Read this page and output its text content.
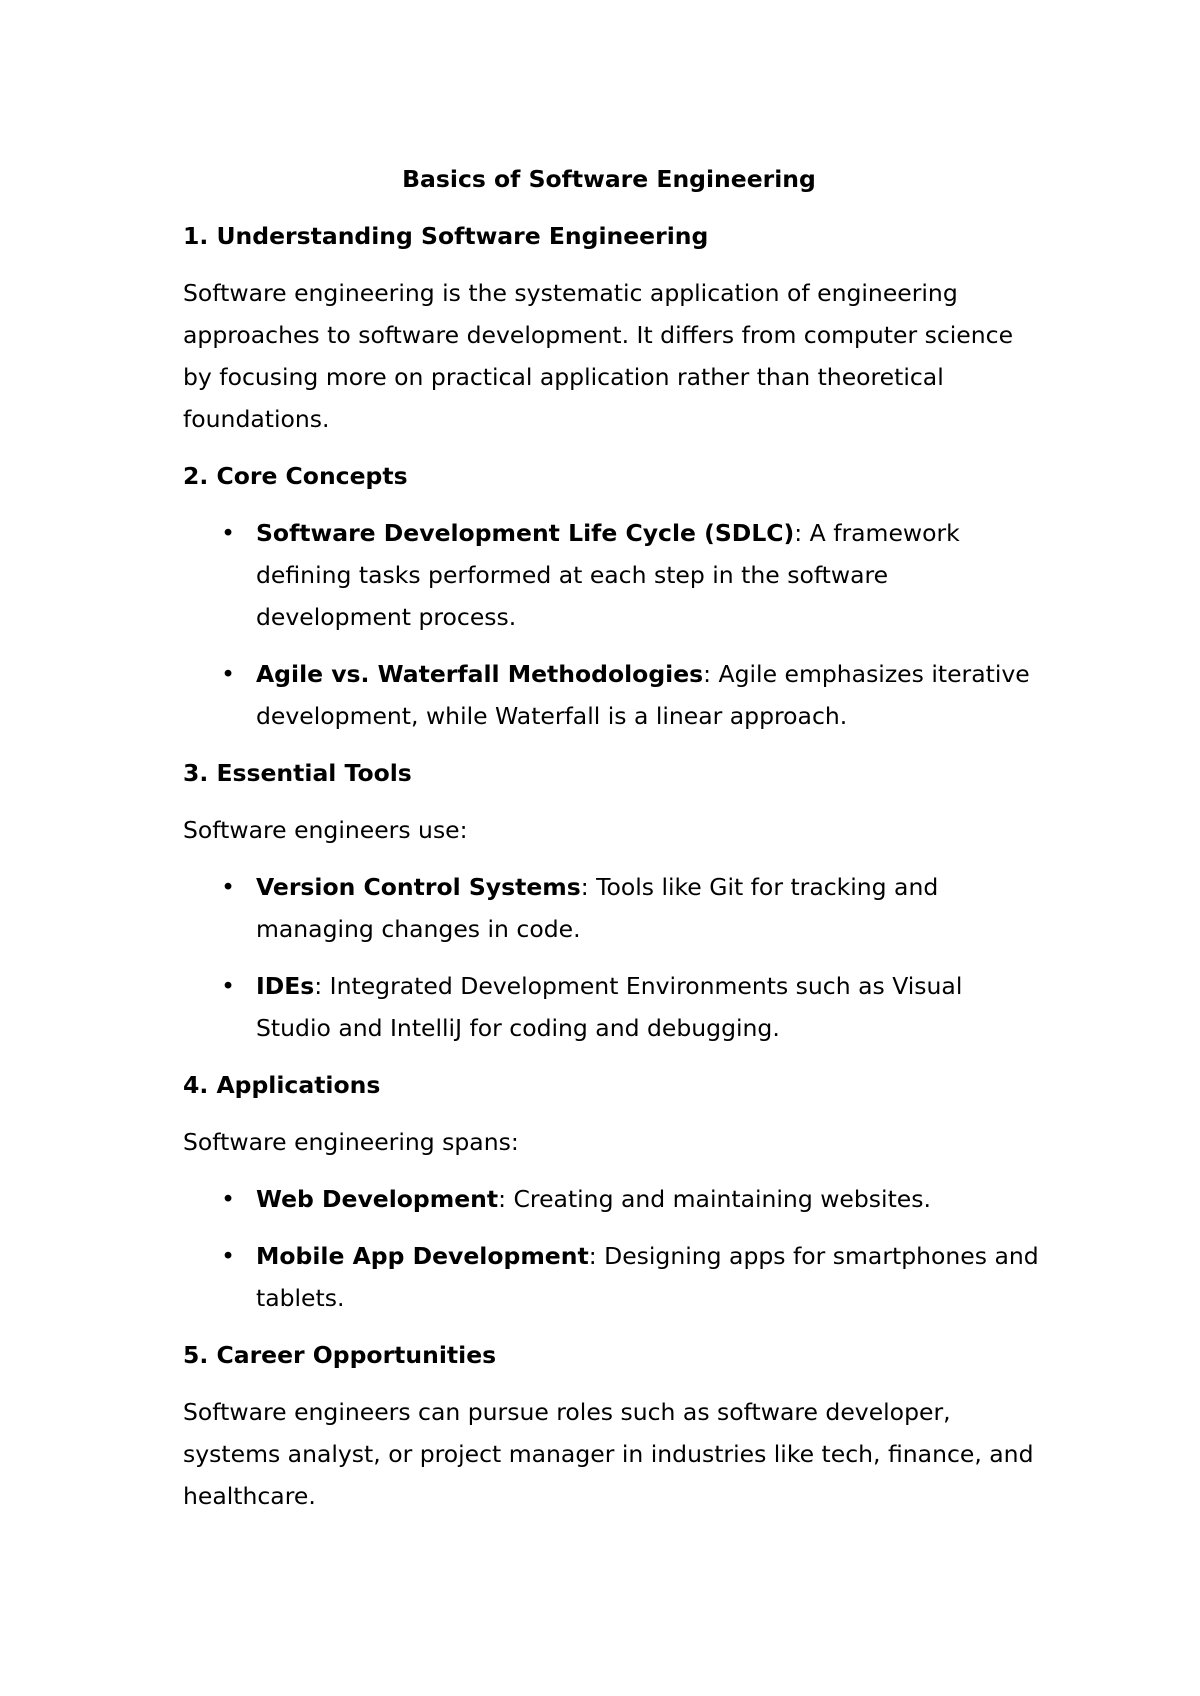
Basics of Software Engineering
1. Understanding Software Engineering
Software engineering is the systematic application of engineering approaches to software development. It differs from computer science by focusing more on practical application rather than theoretical foundations.
2. Core Concepts
• Software Development Life Cycle (SDLC): A framework defining tasks performed at each step in the software development process.
• Agile vs. Waterfall Methodologies: Agile emphasizes iterative development, while Waterfall is a linear approach.
3. Essential Tools
Software engineers use:
• Version Control Systems: Tools like Git for tracking and managing changes in code.
• IDEs: Integrated Development Environments such as Visual Studio and IntelliJ for coding and debugging.
4. Applications
Software engineering spans:
• Web Development: Creating and maintaining websites.
• Mobile App Development: Designing apps for smartphones and tablets.
5. Career Opportunities
Software engineers can pursue roles such as software developer, systems analyst, or project manager in industries like tech, finance, and healthcare.
